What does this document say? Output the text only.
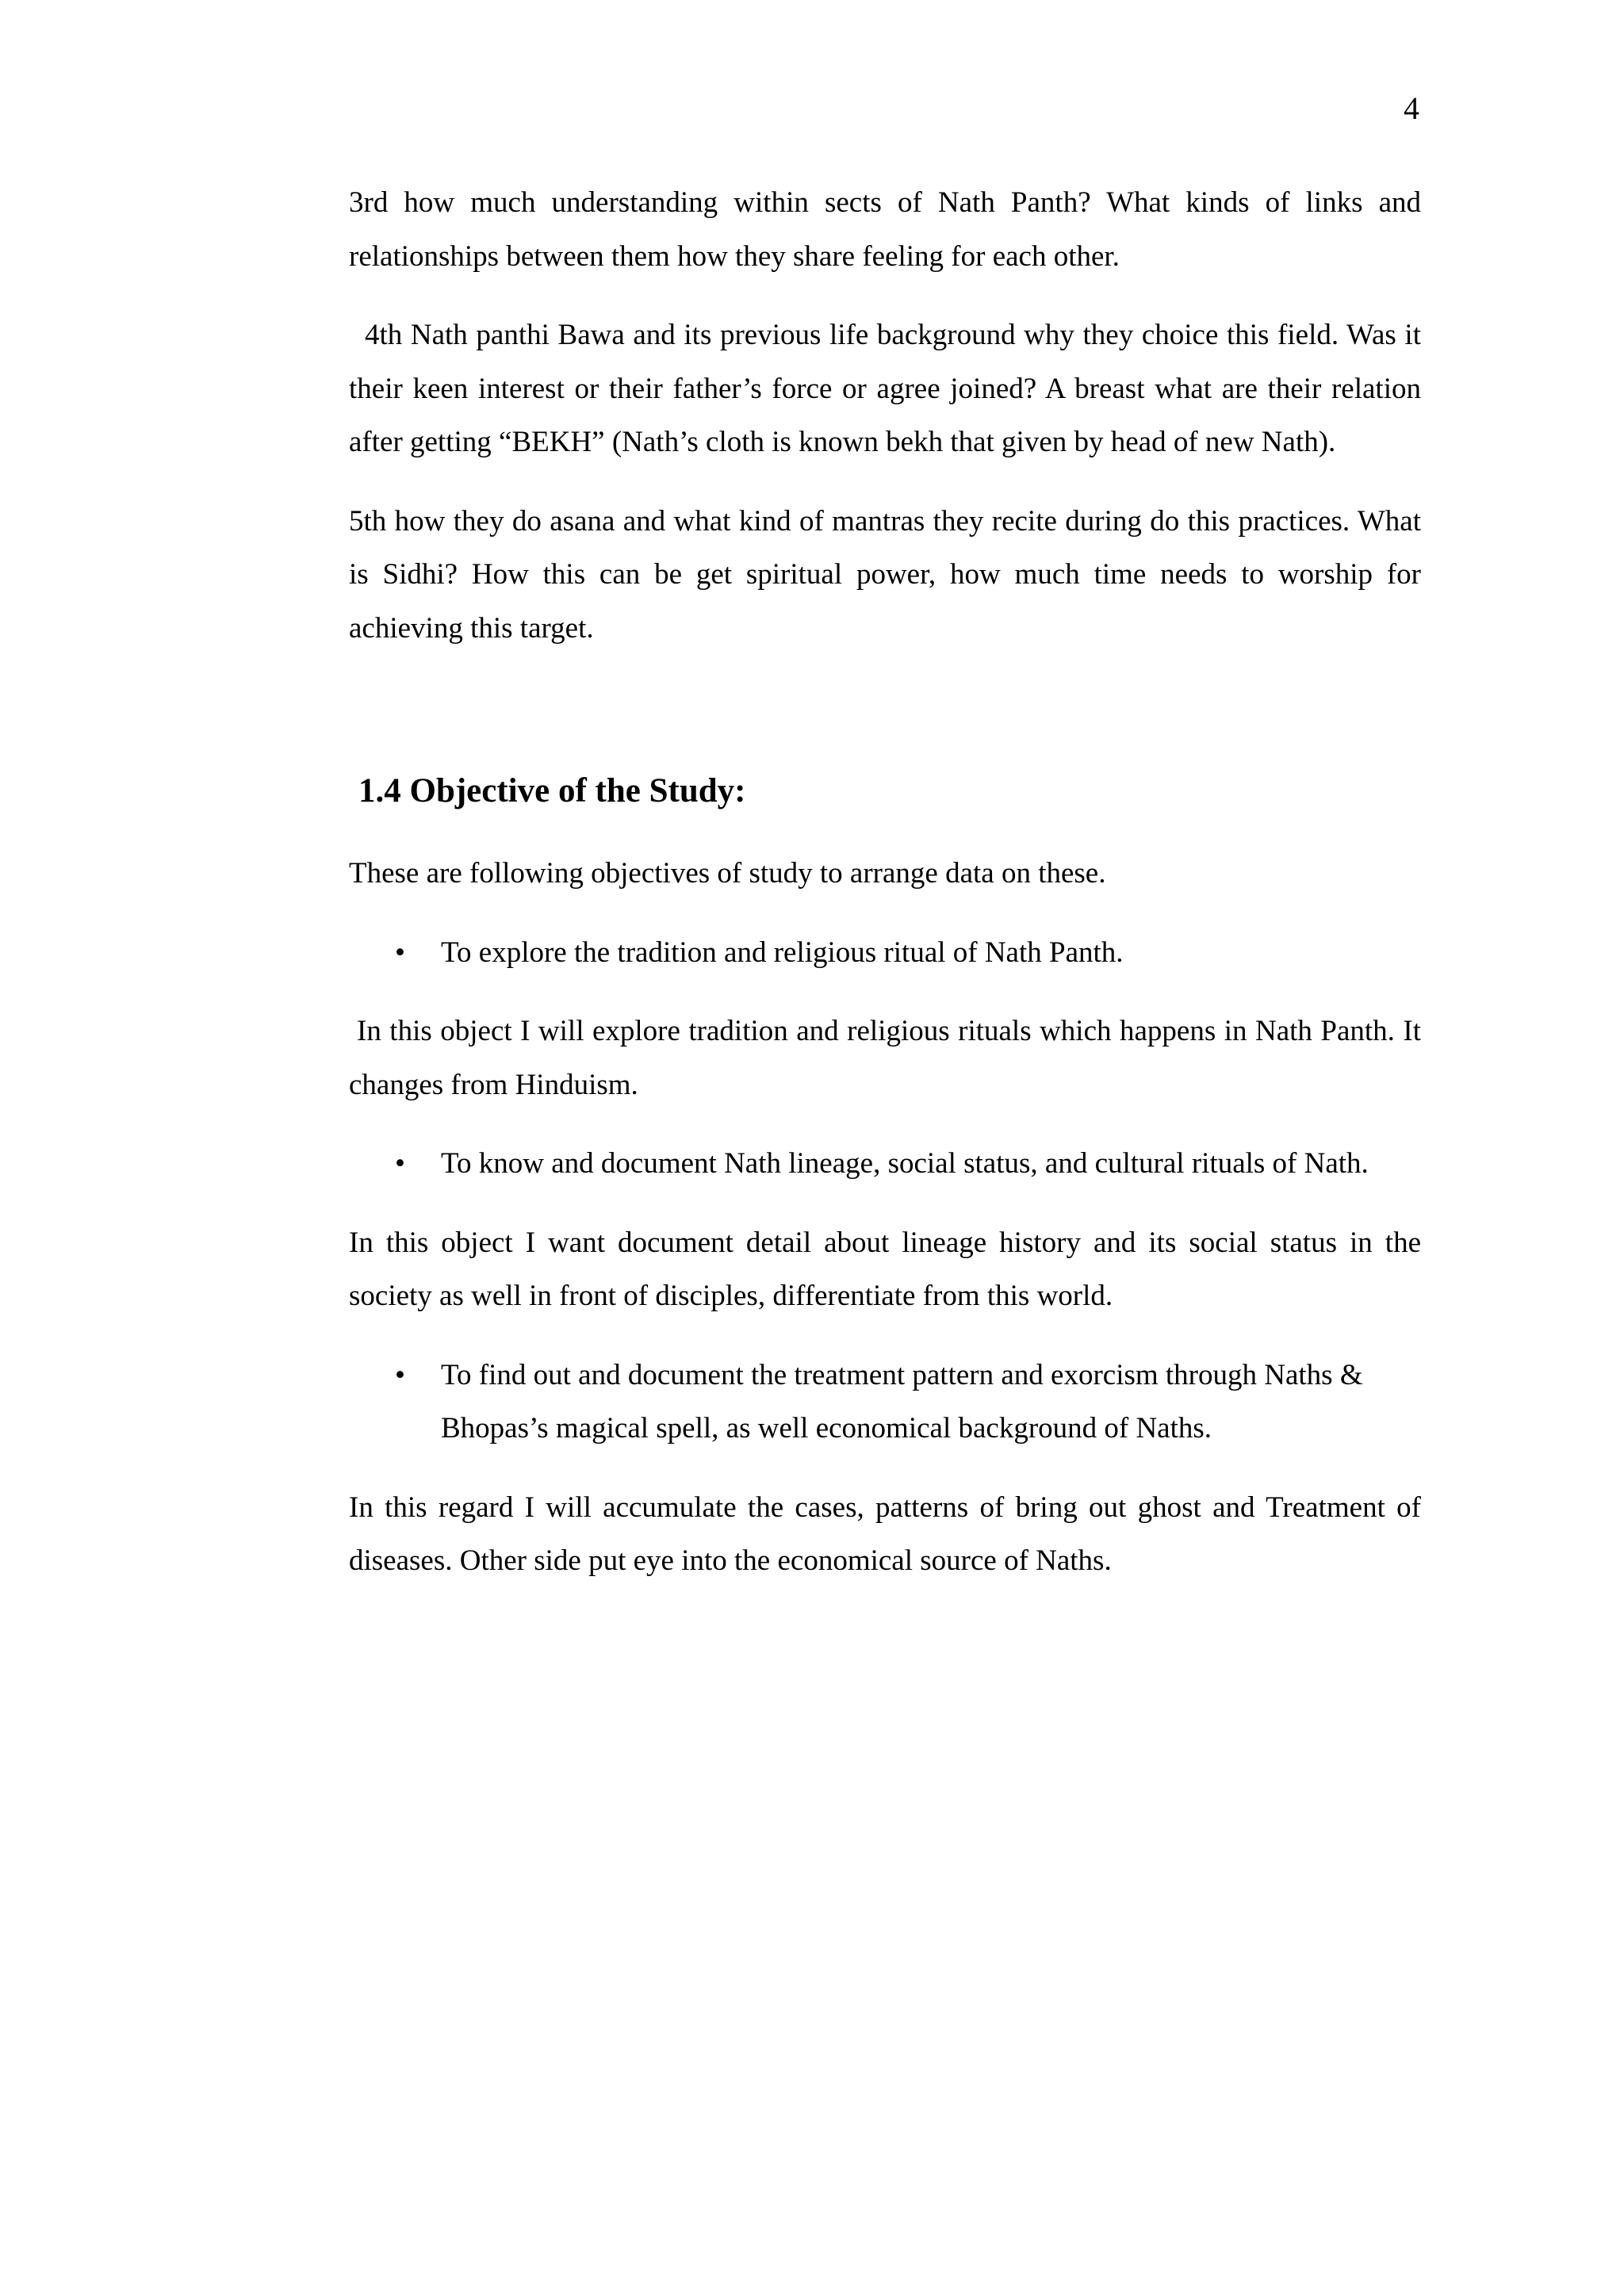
4

3rd how much understanding within sects of Nath Panth? What kinds of links and relationships between them how they share feeling for each other.

4th Nath panthi Bawa and its previous life background why they choice this field. Was it their keen interest or their father’s force or agree joined? A breast what are their relation after getting “BEKH” (Nath’s cloth is known bekh that given by head of new Nath).

5th how they do asana and what kind of mantras they recite during do this practices. What is Sidhi? How this can be get spiritual power, how much time needs to worship for achieving this target.

1.4 Objective of the Study:

These are following objectives of study to arrange data on these.

•	To explore the tradition and religious ritual of Nath Panth.

In this object I will explore tradition and religious rituals which happens in Nath Panth. It changes from Hinduism.

•	To know and document Nath lineage, social status, and cultural rituals of Nath.

In this object I want document detail about lineage history and its social status in the society as well in front of disciples, differentiate from this world.

•	To find out and document the treatment pattern and exorcism through Naths & Bhopas’s magical spell, as well economical background of Naths.

In this regard I will accumulate the cases, patterns of bring out ghost and Treatment of diseases. Other side put eye into the economical source of Naths.
